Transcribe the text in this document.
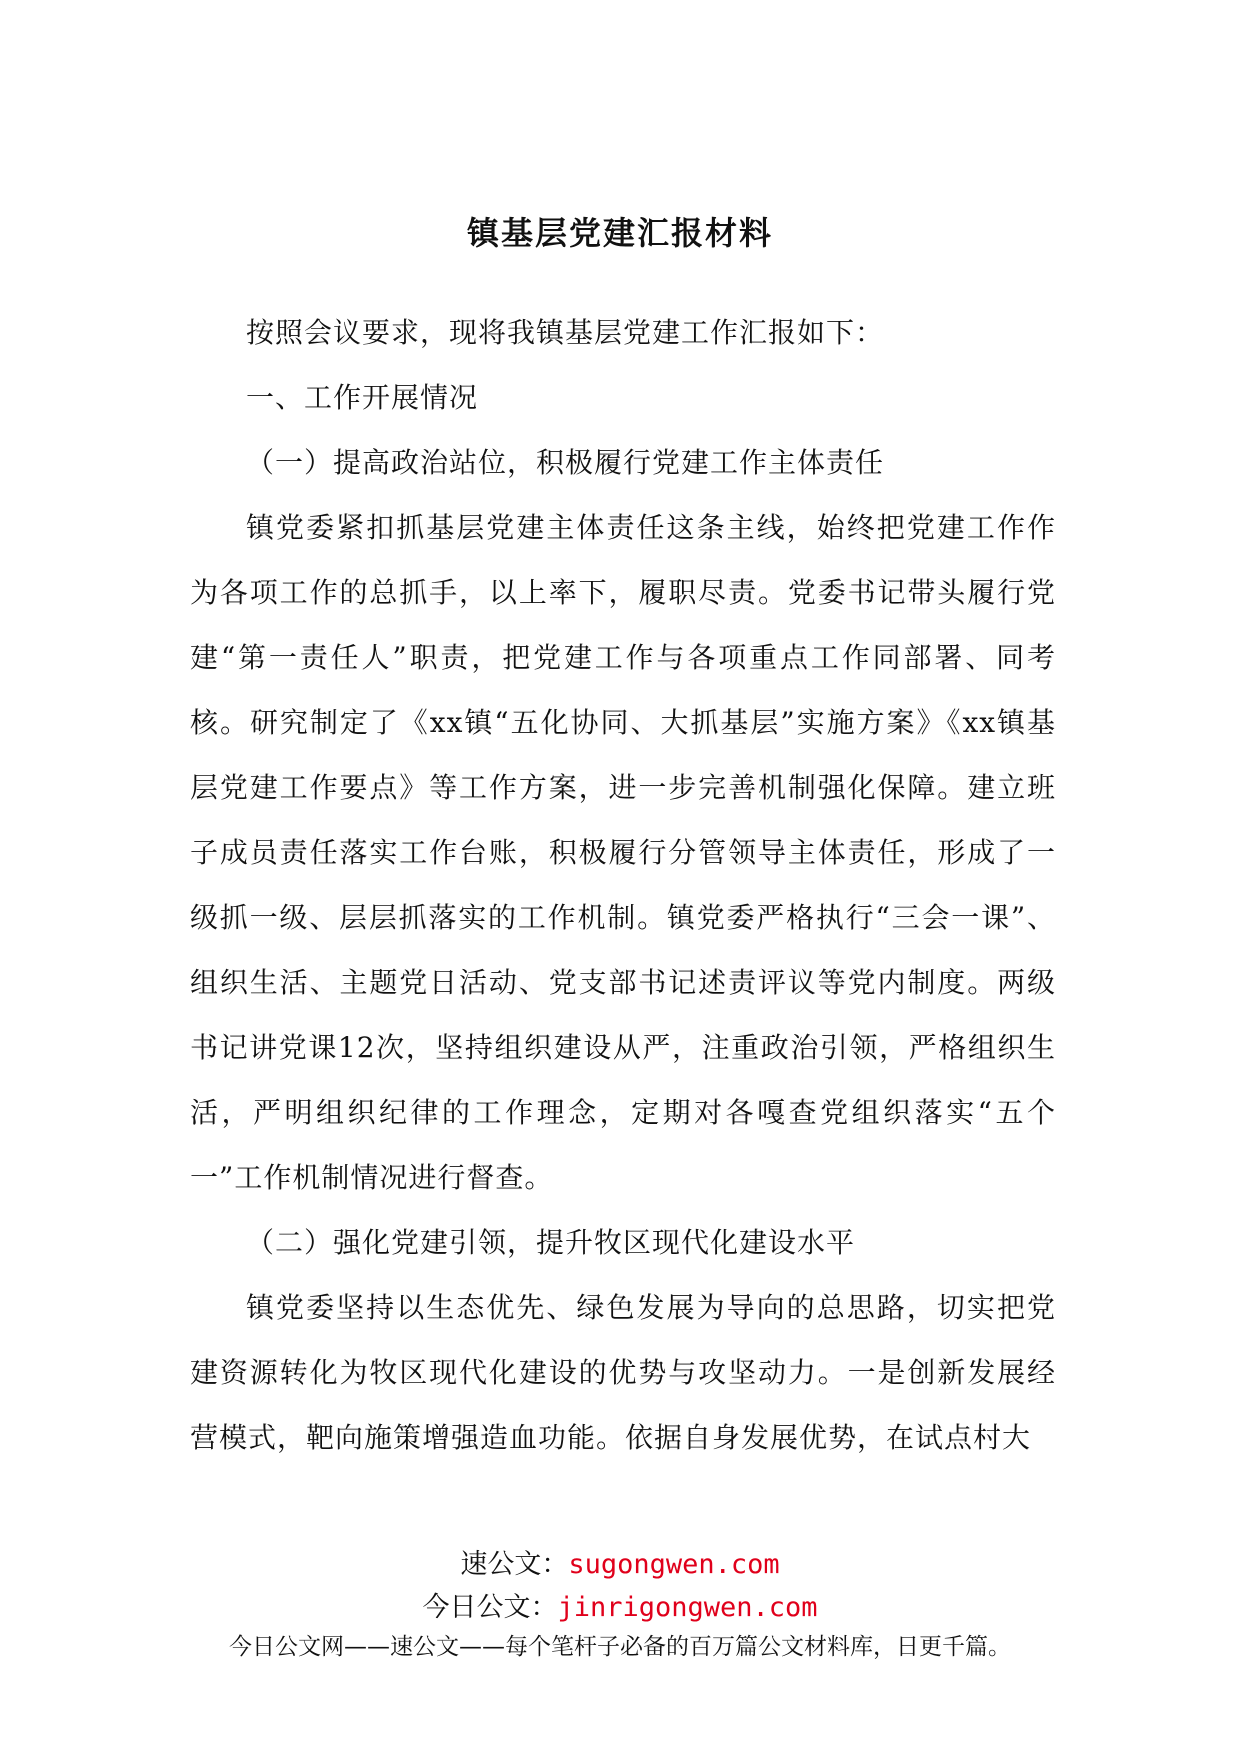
镇基层党建汇报材料

按照会议要求，现将我镇基层党建工作汇报如下：

一、工作开展情况

（一）提高政治站位，积极履行党建工作主体责任

镇党委紧扣抓基层党建主体责任这条主线，始终把党建工作作为各项工作的总抓手，以上率下，履职尽责。党委书记带头履行党建“第一责任人”职责，把党建工作与各项重点工作同部署、同考核。研究制定了《xx镇“五化协同、大抓基层”实施方案》《xx镇基层党建工作要点》等工作方案，进一步完善机制强化保障。建立班子成员责任落实工作台账，积极履行分管领导主体责任，形成了一级抓一级、层层抓落实的工作机制。镇党委严格执行“三会一课”、组织生活、主题党日活动、党支部书记述责评议等党内制度。两级书记讲党课12次，坚持组织建设从严，注重政治引领，严格组织生活，严明组织纪律的工作理念，定期对各嘎查党组织落实“五个一”工作机制情况进行督查。

（二）强化党建引领，提升牧区现代化建设水平

镇党委坚持以生态优先、绿色发展为导向的总思路，切实把党建资源转化为牧区现代化建设的优势与攻坚动力。一是创新发展经营模式，靶向施策增强造血功能。依据自身发展优势，在试点村大

速公文：sugongwen.com
今日公文：jinrigongwen.com
今日公文网——速公文——每个笔杆子必备的百万篇公文材料库，日更千篇。
